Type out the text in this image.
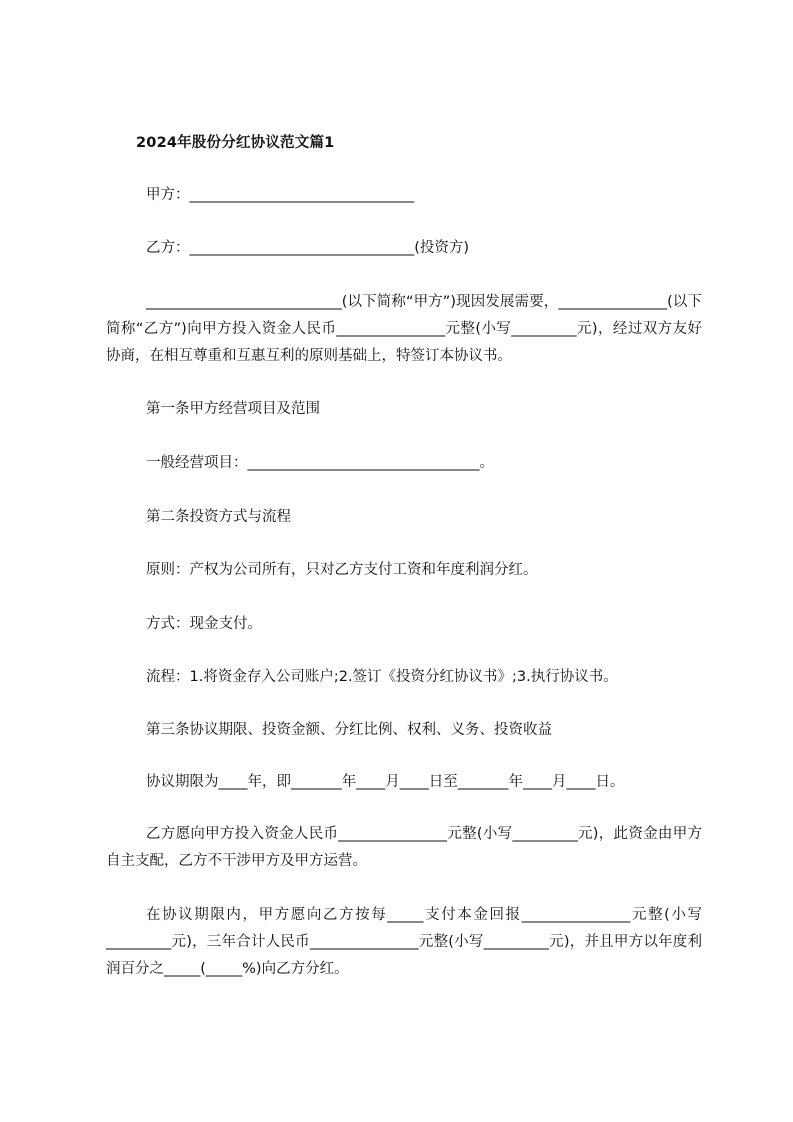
2024年股份分红协议范文篇1
甲方：_______________________________
乙方：_______________________________(投资方)

___________________________(以下简称“甲方”)现因发展需要，_______________(以下简称“乙方”)向甲方投入资金人民币_______________元整(小写_________元)，经过双方友好协商，在相互尊重和互惠互利的原则基础上，特签订本协议书。

第一条甲方经营项目及范围
一般经营项目：________________________________。
第二条投资方式与流程
原则：产权为公司所有，只对乙方支付工资和年度利润分红。
方式：现金支付。
流程：1.将资金存入公司账户;2.签订《投资分红协议书》;3.执行协议书。
第三条协议期限、投资金额、分红比例、权利、义务、投资收益
协议期限为____年，即_______年____月____日至_______年____月____日。

乙方愿向甲方投入资金人民币_______________元整(小写_________元)，此资金由甲方自主支配，乙方不干涉甲方及甲方运营。

在协议期限内，甲方愿向乙方按每_____支付本金回报_______________元整(小写_________元)，三年合计人民币_______________元整(小写_________元)，并且甲方以年度利润百分之_____(_____%)向乙方分红。
